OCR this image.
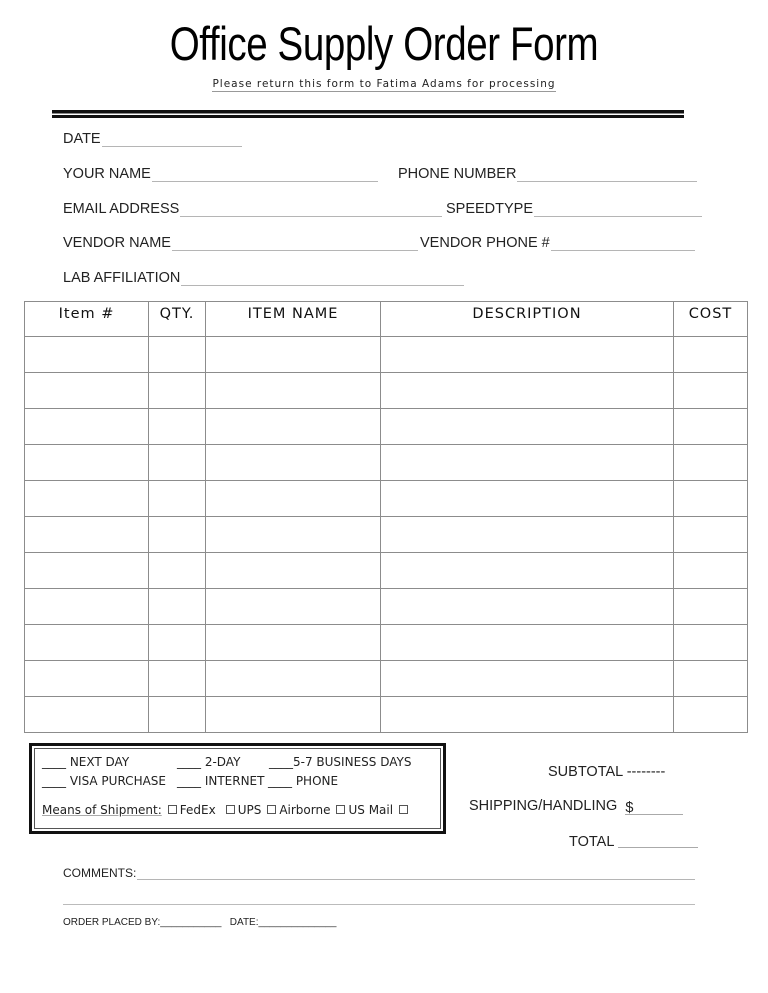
Office Supply Order Form
Please return this form to Fatima Adams for processing
DATE
YOUR NAME	PHONE NUMBER
EMAIL ADDRESS	SPEEDTYPE
VENDOR NAME	VENDOR PHONE #
LAB AFFILIATION
Item #	QTY.	ITEM NAME	DESCRIPTION	COST

____ NEXT DAY	____ 2-DAY ____5-7 BUSINESS DAYS
____ VISA PURCHASE ____ INTERNET ____ PHONE
Means of Shipment: FedEx UPS Airborne US Mail
SUBTOTAL --------
SHIPPING/HANDLING $
TOTAL
COMMENTS:
ORDER PLACED BY:___________ DATE:______________
